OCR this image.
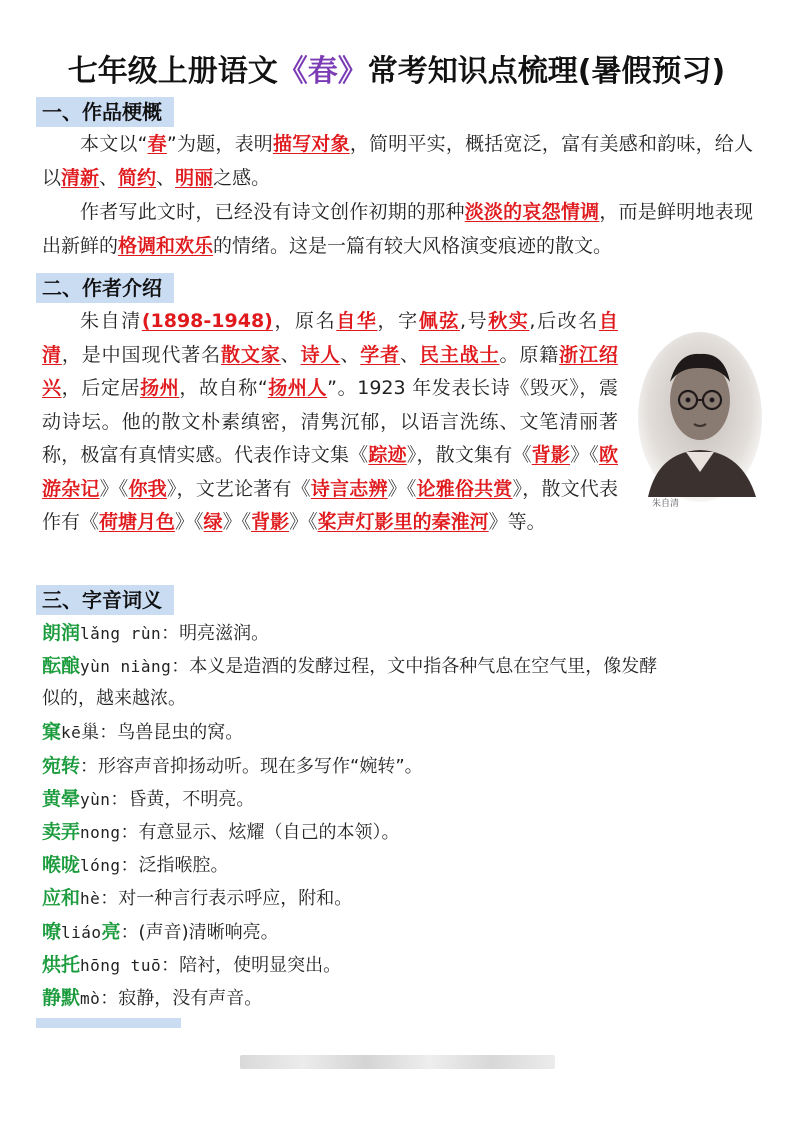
七年级上册语文《春》常考知识点梳理(暑假预习)
一、作品梗概
本文以“春”为题，表明描写对象，简明平实，概括宽泛，富有美感和韵味，给人以清新、简约、明丽之感。
作者写此文时，已经没有诗文创作初期的那种淡淡的哀怨情调，而是鲜明地表现出新鲜的格调和欢乐的情绪。这是一篇有较大风格演变痕迹的散文。
二、作者介绍
朱自清(1898-1948)，原名自华，字佩弦,号秋实,后改名自清，是中国现代著名散文家、诗人、学者、民主战士。原籍浙江绍兴，后定居扬州，故自称“扬州人”。1923 年发表长诗《毁灭》，震动诗坛。他的散文朴素缜密，清隽沉郁，以语言洗练、文笔清丽著称，极富有真情实感。代表作诗文集《踪迹》，散文集有《背影》《欧游杂记》《你我》，文艺论著有《诗言志辨》《论雅俗共赏》，散文代表作有《荷塘月色》《绿》《背影》《桨声灯影里的秦淮河》等。
朱自清
三、字音词义
朗润lǎng rùn：明亮滋润。
酝酿yùn niàng：本义是造酒的发酵过程，文中指各种气息在空气里，像发酵
似的，越来越浓。
窠kē巢：鸟兽昆虫的窝。
宛转：形容声音抑扬动听。现在多写作“婉转”。
黄晕yùn：昏黄，不明亮。
卖弄nong：有意显示、炫耀（自己的本领）。
喉咙lóng：泛指喉腔。
应和hè：对一种言行表示呼应，附和。
嘹liáo亮：(声音)清晰响亮。
烘托hōng tuō：陪衬，使明显突出。
静默mò：寂静，没有声音。
